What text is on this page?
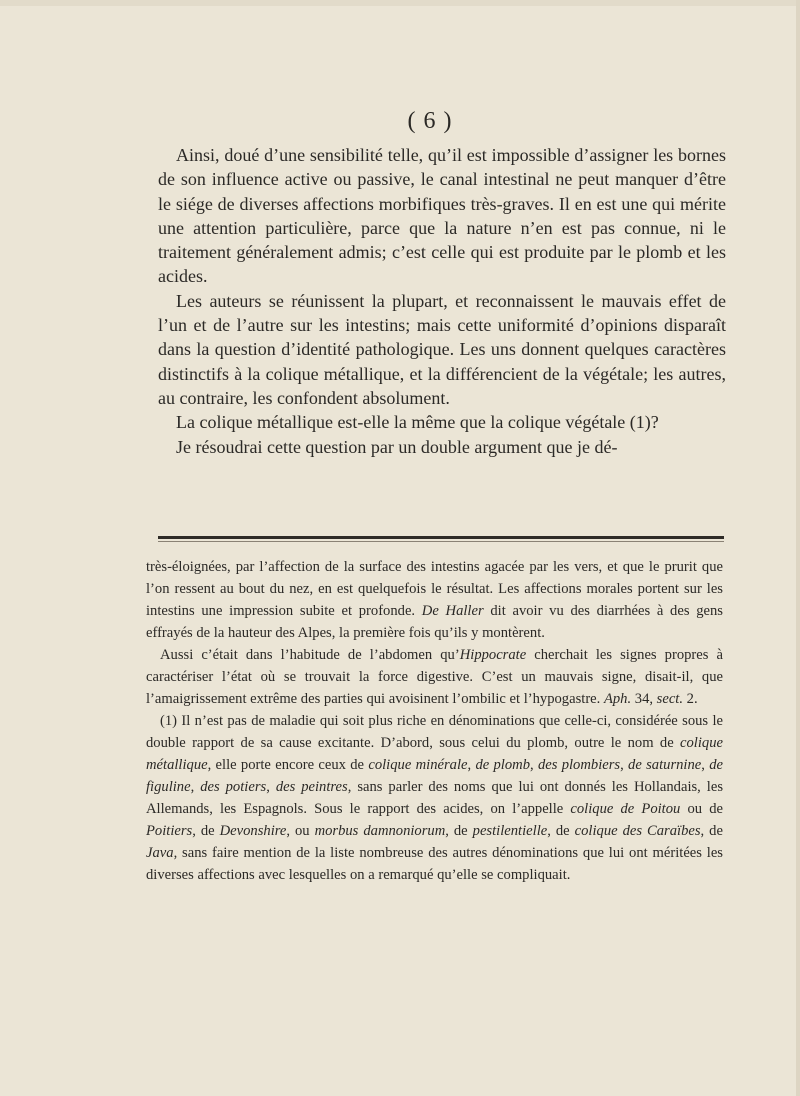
( 6 )

Ainsi, doué d’une sensibilité telle, qu’il est impossible d’assigner les bornes de son influence active ou passive, le canal intestinal ne peut manquer d’être le siége de diverses affections morbifiques très-graves. Il en est une qui mérite une attention particulière, parce que la nature n’en est pas connue, ni le traitement généralement admis; c’est celle qui est produite par le plomb et les acides.

Les auteurs se réunissent la plupart, et reconnaissent le mauvais effet de l’un et de l’autre sur les intestins; mais cette uniformité d’opinions disparaît dans la question d’identité pathologique. Les uns donnent quelques caractères distinctifs à la colique métallique, et la différencient de la végétale; les autres, au contraire, les confondent absolument.

La colique métallique est-elle la même que la colique végétale (1)?

Je résoudrai cette question par un double argument que je dé-

très-éloignées, par l’affection de la surface des intestins agacée par les vers, et que le prurit que l’on ressent au bout du nez, en est quelquefois le résultat. Les affections morales portent sur les intestins une impression subite et profonde. De Haller dit avoir vu des diarrhées à des gens effrayés de la hauteur des Alpes, la première fois qu’ils y montèrent.

Aussi c’était dans l’habitude de l’abdomen qu’Hippocrate cherchait les signes propres à caractériser l’état où se trouvait la force digestive. C’est un mauvais signe, disait-il, que l’amaigrissement extrême des parties qui avoisinent l’ombilic et l’hypogastre. Aph. 34, sect. 2.

(1) Il n’est pas de maladie qui soit plus riche en dénominations que celle-ci, considérée sous le double rapport de sa cause excitante. D’abord, sous celui du plomb, outre le nom de colique métallique, elle porte encore ceux de colique minérale, de plomb, des plombiers, de saturnine, de figuline, des potiers, des peintres, sans parler des noms que lui ont donnés les Hollandais, les Allemands, les Espagnols. Sous le rapport des acides, on l’appelle colique de Poitou ou de Poitiers, de Devonshire, ou morbus damnoniorum, de pestilentielle, de colique des Caraïbes, de Java, sans faire mention de la liste nombreuse des autres dénominations que lui ont méritées les diverses affections avec lesquelles on a remarqué qu’elle se compliquait.
